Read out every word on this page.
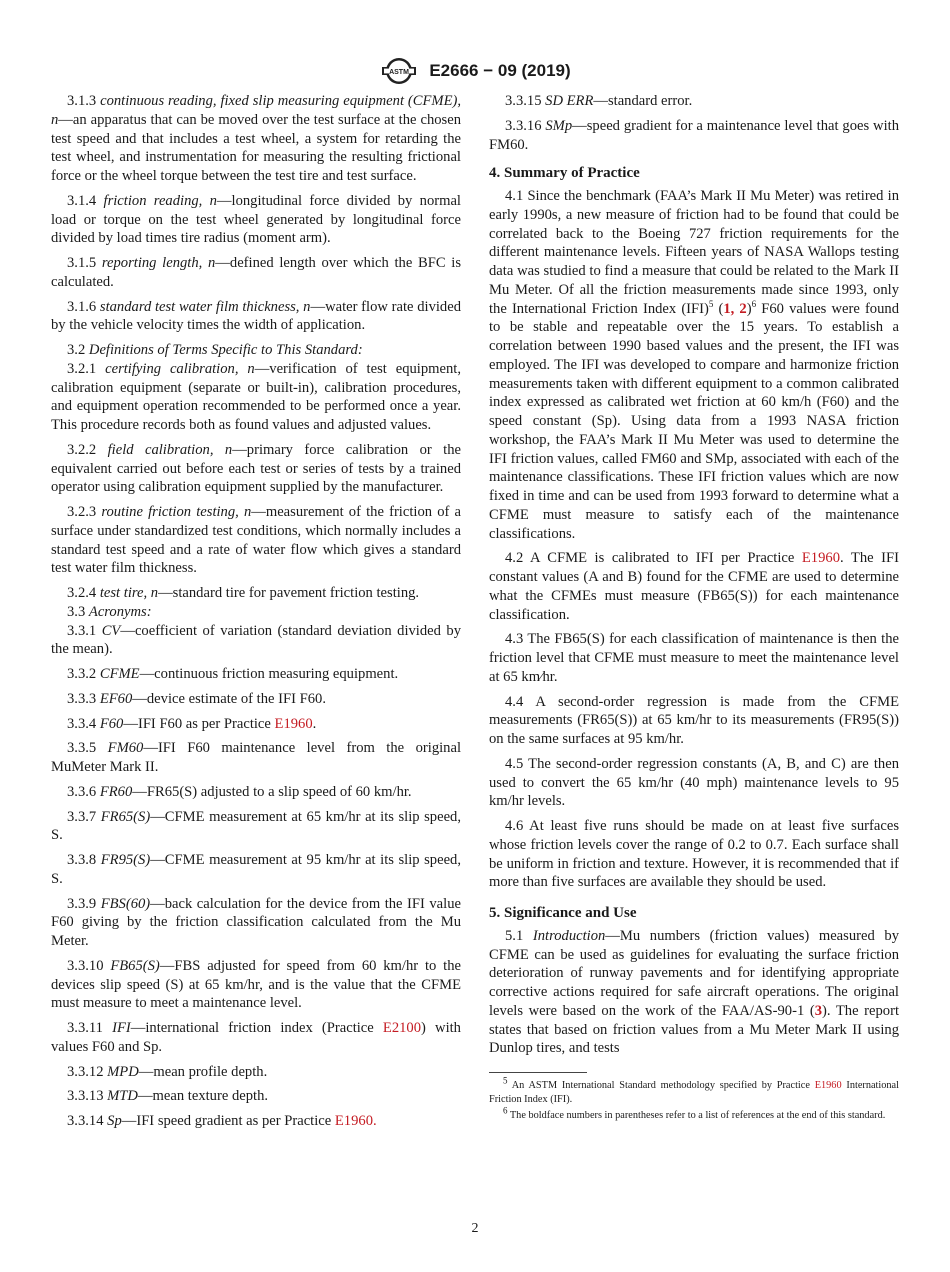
ASTM E2666 − 09 (2019)

3.1.3 continuous reading, fixed slip measuring equipment (CFME), n—an apparatus that can be moved over the test surface at the chosen test speed and that includes a test wheel, a system for retarding the test wheel, and instrumentation for measuring the resulting frictional force or the wheel torque between the test tire and test surface.

3.1.4 friction reading, n—longitudinal force divided by normal load or torque on the test wheel generated by longitudinal force divided by load times tire radius (moment arm).

3.1.5 reporting length, n—defined length over which the BFC is calculated.

3.1.6 standard test water film thickness, n—water flow rate divided by the vehicle velocity times the width of application.

3.2 Definitions of Terms Specific to This Standard:

3.2.1 certifying calibration, n—verification of test equipment, calibration equipment (separate or built-in), calibration procedures, and equipment operation recommended to be performed once a year. This procedure records both as found values and adjusted values.

3.2.2 field calibration, n—primary force calibration or the equivalent carried out before each test or series of tests by a trained operator using calibration equipment supplied by the manufacturer.

3.2.3 routine friction testing, n—measurement of the friction of a surface under standardized test conditions, which normally includes a standard test speed and a rate of water flow which gives a standard test water film thickness.

3.2.4 test tire, n—standard tire for pavement friction testing.

3.3 Acronyms:

3.3.1 CV—coefficient of variation (standard deviation divided by the mean).

3.3.2 CFME—continuous friction measuring equipment.

3.3.3 EF60—device estimate of the IFI F60.

3.3.4 F60—IFI F60 as per Practice E1960.

3.3.5 FM60—IFI F60 maintenance level from the original MuMeter Mark II.

3.3.6 FR60—FR65(S) adjusted to a slip speed of 60 km/hr.

3.3.7 FR65(S)—CFME measurement at 65 km/hr at its slip speed, S.

3.3.8 FR95(S)—CFME measurement at 95 km/hr at its slip speed, S.

3.3.9 FBS(60)—back calculation for the device from the IFI value F60 giving by the friction classification calculated from the Mu Meter.

3.3.10 FB65(S)—FBS adjusted for speed from 60 km/hr to the devices slip speed (S) at 65 km/hr, and is the value that the CFME must measure to meet a maintenance level.

3.3.11 IFI—international friction index (Practice E2100) with values F60 and Sp.

3.3.12 MPD—mean profile depth.

3.3.13 MTD—mean texture depth.

3.3.14 Sp—IFI speed gradient as per Practice E1960.

3.3.15 SD ERR—standard error.

3.3.16 SMp—speed gradient for a maintenance level that goes with FM60.

4. Summary of Practice

4.1 Since the benchmark (FAA’s Mark II Mu Meter) was retired in early 1990s, a new measure of friction had to be found that could be correlated back to the Boeing 727 friction requirements for the different maintenance levels. Fifteen years of NASA Wallops testing data was studied to find a measure that could be related to the Mark II Mu Meter. Of all the friction measurements made since 1993, only the International Friction Index (IFI)$^5$ (1, 2)$^6$ F60 values were found to be stable and repeatable over the 15 years. To establish a correlation between 1990 based values and the present, the IFI was employed. The IFI was developed to compare and harmonize friction measurements taken with different equipment to a common calibrated index expressed as calibrated wet friction at 60 km/h (F60) and the speed constant (Sp). Using data from a 1993 NASA friction workshop, the FAA’s Mark II Mu Meter was used to determine the IFI friction values, called FM60 and SMp, associated with each of the maintenance classifications. These IFI friction values which are now fixed in time and can be used from 1993 forward to determine what a CFME must measure to satisfy each of the maintenance classifications.

4.2 A CFME is calibrated to IFI per Practice E1960. The IFI constant values (A and B) found for the CFME are used to determine what the CFMEs must measure (FB65(S)) for each maintenance classification.

4.3 The FB65(S) for each classification of maintenance is then the friction level that CFME must measure to meet the maintenance level at 65 km⁄hr.

4.4 A second-order regression is made from the CFME measurements (FR65(S)) at 65 km/hr to its measurements (FR95(S)) on the same surfaces at 95 km/hr.

4.5 The second-order regression constants (A, B, and C) are then used to convert the 65 km/hr (40 mph) maintenance levels to 95 km/hr levels.

4.6 At least five runs should be made on at least five surfaces whose friction levels cover the range of 0.2 to 0.7. Each surface shall be uniform in friction and texture. However, it is recommended that if more than five surfaces are available they should be used.

5. Significance and Use

5.1 Introduction—Mu numbers (friction values) measured by CFME can be used as guidelines for evaluating the surface friction deterioration of runway pavements and for identifying appropriate corrective actions required for safe aircraft operations. The original levels were based on the work of the FAA/AS-90-1 (3). The report states that based on friction values from a Mu Meter Mark II using Dunlop tires, and tests

$^5$ An ASTM International Standard methodology specified by Practice E1960 International Friction Index (IFI).

$^6$ The boldface numbers in parentheses refer to a list of references at the end of this standard.

2
